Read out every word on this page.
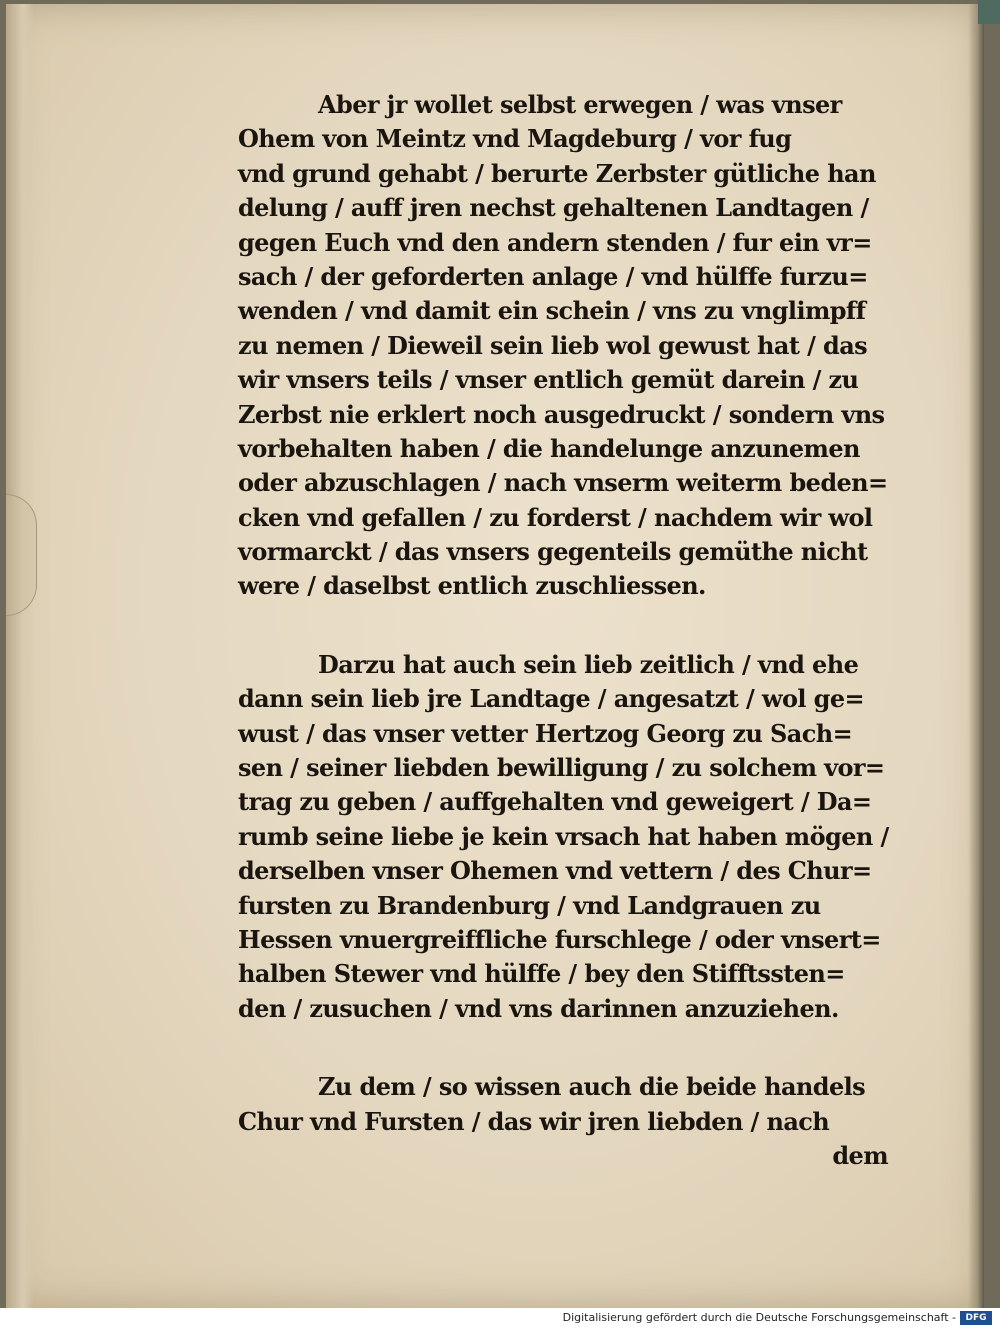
Aber jr wollet selbst erwegen / was vnser
Ohem von Meintz vnd Magdeburg / vor fug
vnd grund gehabt / berurte Zerbster gütliche han
delung / auff jren nechst gehaltenen Landtagen /
gegen Euch vnd den andern stenden / fur ein vr=
sach / der geforderten anlage / vnd hülffe furzu=
wenden / vnd damit ein schein / vns zu vnglimpff
zu nemen / Dieweil sein lieb wol gewust hat / das
wir vnsers teils / vnser entlich gemüt darein / zu
Zerbst nie erklert noch ausgedruckt / sondern vns
vorbehalten haben / die handelunge anzunemen
oder abzuschlagen / nach vnserm weiterm beden=
cken vnd gefallen / zu forderst / nachdem wir wol
vormarckt / das vnsers gegenteils gemüthe nicht
were / daselbst entlich zuschliessen.
Darzu hat auch sein lieb zeitlich / vnd ehe
dann sein lieb jre Landtage / angesatzt / wol ge=
wust / das vnser vetter Hertzog Georg zu Sach=
sen / seiner liebden bewilligung / zu solchem vor=
trag zu geben / auffgehalten vnd geweigert / Da=
rumb seine liebe je kein vrsach hat haben mögen /
derselben vnser Ohemen vnd vettern / des Chur=
fursten zu Brandenburg / vnd Landgrauen zu
Hessen vnuergreiffliche furschlege / oder vnsert=
halben Stewer vnd hülffe / bey den Stifftssten=
den / zusuchen / vnd vns darinnen anzuziehen.
Zu dem / so wissen auch die beide handels
Chur vnd Fursten / das wir jren liebden / nach
dem
Digitalisierung gefördert durch die Deutsche Forschungsgemeinschaft -	DFG
